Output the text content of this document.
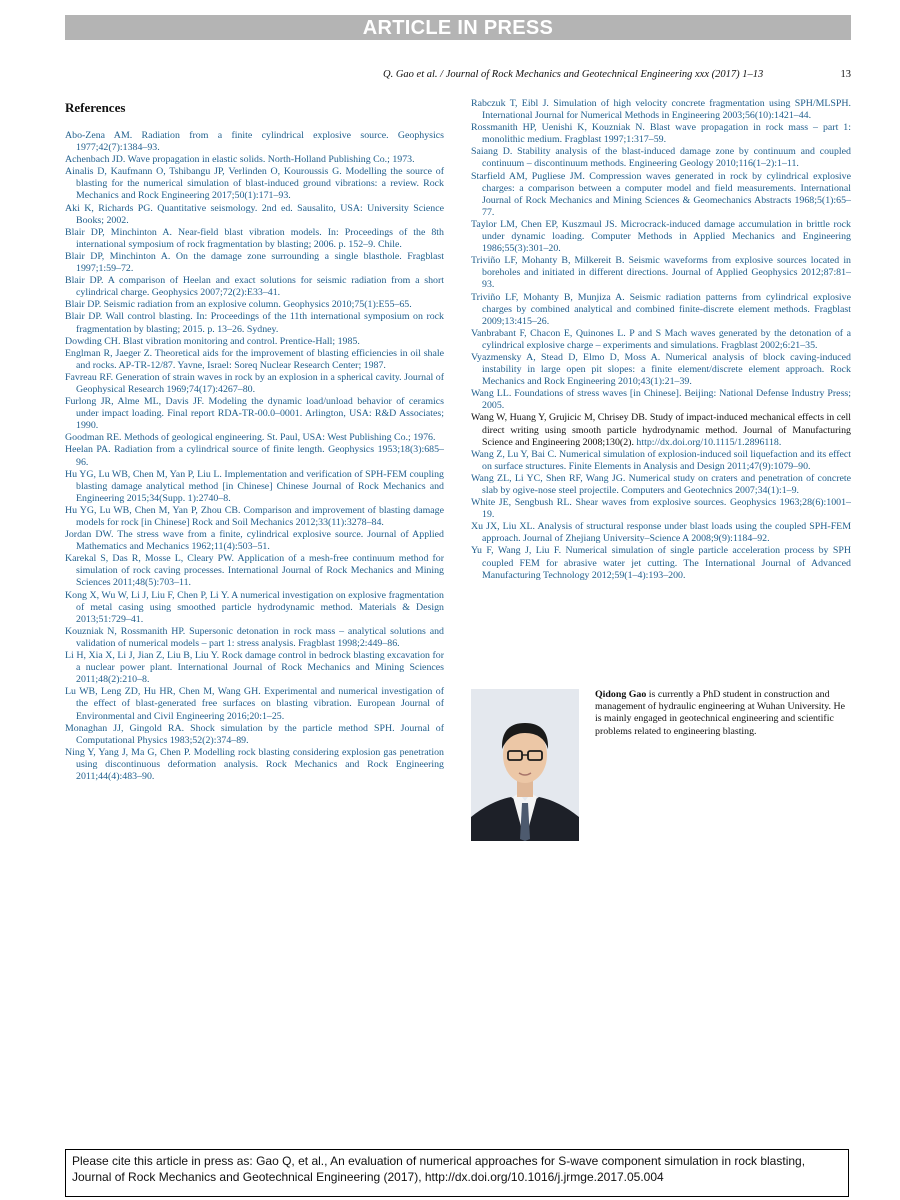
ARTICLE IN PRESS
Q. Gao et al. / Journal of Rock Mechanics and Geotechnical Engineering xxx (2017) 1–13	13
References
Abo-Zena AM. Radiation from a finite cylindrical explosive source. Geophysics 1977;42(7):1384–93.
Achenbach JD. Wave propagation in elastic solids. North-Holland Publishing Co.; 1973.
Ainalis D, Kaufmann O, Tshibangu JP, Verlinden O, Kouroussis G. Modelling the source of blasting for the numerical simulation of blast-induced ground vibrations: a review. Rock Mechanics and Rock Engineering 2017;50(1):171–93.
Aki K, Richards PG. Quantitative seismology. 2nd ed. Sausalito, USA: University Science Books; 2002.
Blair DP, Minchinton A. Near-field blast vibration models. In: Proceedings of the 8th international symposium of rock fragmentation by blasting; 2006. p. 152–9. Chile.
Blair DP, Minchinton A. On the damage zone surrounding a single blasthole. Fragblast 1997;1:59–72.
Blair DP. A comparison of Heelan and exact solutions for seismic radiation from a short cylindrical charge. Geophysics 2007;72(2):E33–41.
Blair DP. Seismic radiation from an explosive column. Geophysics 2010;75(1):E55–65.
Blair DP. Wall control blasting. In: Proceedings of the 11th international symposium on rock fragmentation by blasting; 2015. p. 13–26. Sydney.
Dowding CH. Blast vibration monitoring and control. Prentice-Hall; 1985.
Englman R, Jaeger Z. Theoretical aids for the improvement of blasting efficiencies in oil shale and rocks. AP-TR-12/87. Yavne, Israel: Soreq Nuclear Research Center; 1987.
Favreau RF. Generation of strain waves in rock by an explosion in a spherical cavity. Journal of Geophysical Research 1969;74(17):4267–80.
Furlong JR, Alme ML, Davis JF. Modeling the dynamic load/unload behavior of ceramics under impact loading. Final report RDA-TR-00.0–0001. Arlington, USA: R&D Associates; 1990.
Goodman RE. Methods of geological engineering. St. Paul, USA: West Publishing Co.; 1976.
Heelan PA. Radiation from a cylindrical source of finite length. Geophysics 1953;18(3):685–96.
Hu YG, Lu WB, Chen M, Yan P, Liu L. Implementation and verification of SPH-FEM coupling blasting damage analytical method [in Chinese] Chinese Journal of Rock Mechanics and Engineering 2015;34(Supp. 1):2740–8.
Hu YG, Lu WB, Chen M, Yan P, Zhou CB. Comparison and improvement of blasting damage models for rock [in Chinese] Rock and Soil Mechanics 2012;33(11):3278–84.
Jordan DW. The stress wave from a finite, cylindrical explosive source. Journal of Applied Mathematics and Mechanics 1962;11(4):503–51.
Karekal S, Das R, Mosse L, Cleary PW. Application of a mesh-free continuum method for simulation of rock caving processes. International Journal of Rock Mechanics and Mining Sciences 2011;48(5):703–11.
Kong X, Wu W, Li J, Liu F, Chen P, Li Y. A numerical investigation on explosive fragmentation of metal casing using smoothed particle hydrodynamic method. Materials & Design 2013;51:729–41.
Kouzniak N, Rossmanith HP. Supersonic detonation in rock mass – analytical solutions and validation of numerical models – part 1: stress analysis. Fragblast 1998;2:449–86.
Li H, Xia X, Li J, Jian Z, Liu B, Liu Y. Rock damage control in bedrock blasting excavation for a nuclear power plant. International Journal of Rock Mechanics and Mining Sciences 2011;48(2):210–8.
Lu WB, Leng ZD, Hu HR, Chen M, Wang GH. Experimental and numerical investigation of the effect of blast-generated free surfaces on blasting vibration. European Journal of Environmental and Civil Engineering 2016;20:1–25.
Monaghan JJ, Gingold RA. Shock simulation by the particle method SPH. Journal of Computational Physics 1983;52(2):374–89.
Ning Y, Yang J, Ma G, Chen P. Modelling rock blasting considering explosion gas penetration using discontinuous deformation analysis. Rock Mechanics and Rock Engineering 2011;44(4):483–90.
Rabczuk T, Eibl J. Simulation of high velocity concrete fragmentation using SPH/MLSPH. International Journal for Numerical Methods in Engineering 2003;56(10):1421–44.
Rossmanith HP, Uenishi K, Kouzniak N. Blast wave propagation in rock mass – part 1: monolithic medium. Fragblast 1997;1:317–59.
Saiang D. Stability analysis of the blast-induced damage zone by continuum and coupled continuum – discontinuum methods. Engineering Geology 2010;116(1–2):1–11.
Starfield AM, Pugliese JM. Compression waves generated in rock by cylindrical explosive charges: a comparison between a computer model and field measurements. International Journal of Rock Mechanics and Mining Sciences & Geomechanics Abstracts 1968;5(1):65–77.
Taylor LM, Chen EP, Kuszmaul JS. Microcrack-induced damage accumulation in brittle rock under dynamic loading. Computer Methods in Applied Mechanics and Engineering 1986;55(3):301–20.
Triviño LF, Mohanty B, Milkereit B. Seismic waveforms from explosive sources located in boreholes and initiated in different directions. Journal of Applied Geophysics 2012;87:81–93.
Triviño LF, Mohanty B, Munjiza A. Seismic radiation patterns from cylindrical explosive charges by combined analytical and combined finite-discrete element methods. Fragblast 2009;13:415–26.
Vanbrabant F, Chacon E, Quinones L. P and S Mach waves generated by the detonation of a cylindrical explosive charge – experiments and simulations. Fragblast 2002;6:21–35.
Vyazmensky A, Stead D, Elmo D, Moss A. Numerical analysis of block caving-induced instability in large open pit slopes: a finite element/discrete element approach. Rock Mechanics and Rock Engineering 2010;43(1):21–39.
Wang LL. Foundations of stress waves [in Chinese]. Beijing: National Defense Industry Press; 2005.
Wang W, Huang Y, Grujicic M, Chrisey DB. Study of impact-induced mechanical effects in cell direct writing using smooth particle hydrodynamic method. Journal of Manufacturing Science and Engineering 2008;130(2). http://dx.doi.org/10.1115/1.2896118.
Wang Z, Lu Y, Bai C. Numerical simulation of explosion-induced soil liquefaction and its effect on surface structures. Finite Elements in Analysis and Design 2011;47(9):1079–90.
Wang ZL, Li YC, Shen RF, Wang JG. Numerical study on craters and penetration of concrete slab by ogive-nose steel projectile. Computers and Geotechnics 2007;34(1):1–9.
White JE, Sengbush RL. Shear waves from explosive sources. Geophysics 1963;28(6):1001–19.
Xu JX, Liu XL. Analysis of structural response under blast loads using the coupled SPH-FEM approach. Journal of Zhejiang University–Science A 2008;9(9):1184–92.
Yu F, Wang J, Liu F. Numerical simulation of single particle acceleration process by SPH coupled FEM for abrasive water jet cutting. The International Journal of Advanced Manufacturing Technology 2012;59(1–4):193–200.
Qidong Gao is currently a PhD student in construction and management of hydraulic engineering at Wuhan University. He is mainly engaged in geotechnical engineering and scientific problems related to engineering blasting.
Please cite this article in press as: Gao Q, et al., An evaluation of numerical approaches for S-wave component simulation in rock blasting, Journal of Rock Mechanics and Geotechnical Engineering (2017), http://dx.doi.org/10.1016/j.jrmge.2017.05.004
